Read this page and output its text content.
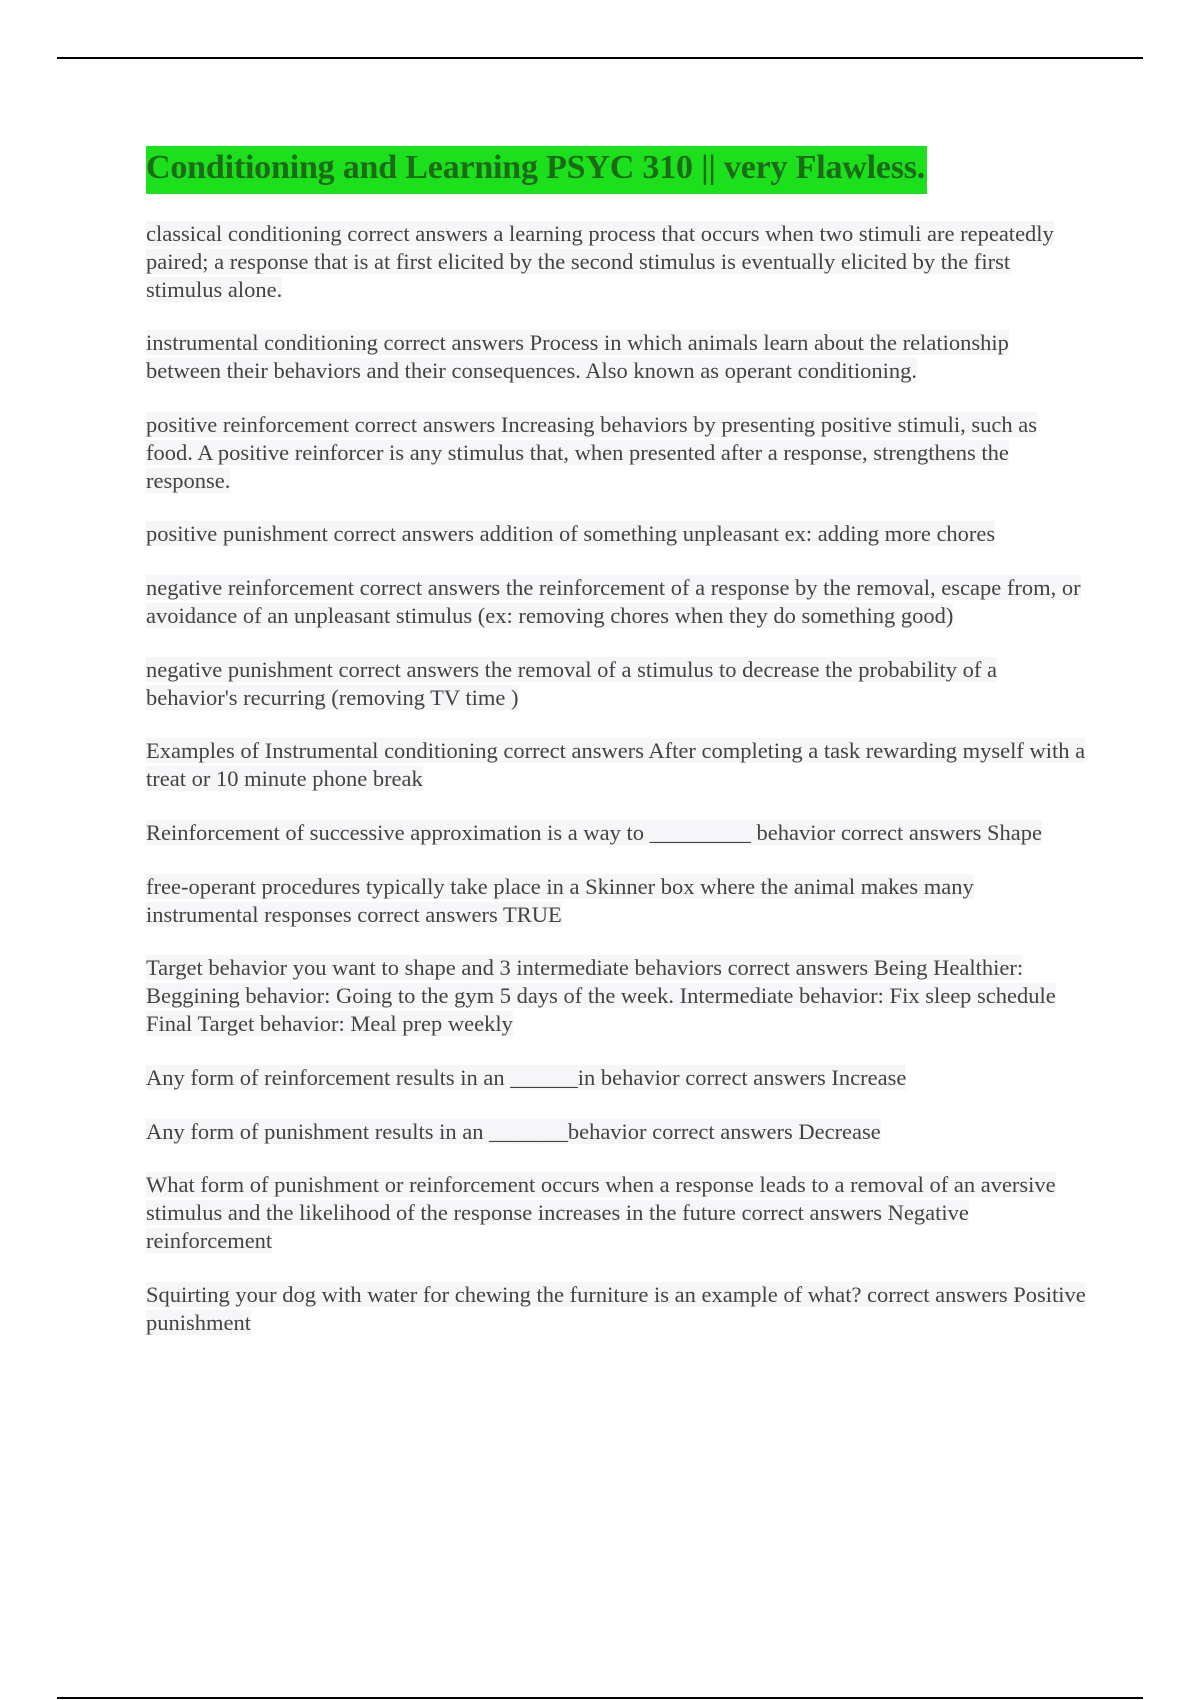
Conditioning and Learning PSYC 310 || very Flawless.

classical conditioning correct answers a learning process that occurs when two stimuli are repeatedly paired; a response that is at first elicited by the second stimulus is eventually elicited by the first stimulus alone.

instrumental conditioning correct answers Process in which animals learn about the relationship between their behaviors and their consequences. Also known as operant conditioning.

positive reinforcement correct answers Increasing behaviors by presenting positive stimuli, such as food. A positive reinforcer is any stimulus that, when presented after a response, strengthens the response.

positive punishment correct answers addition of something unpleasant ex: adding more chores

negative reinforcement correct answers the reinforcement of a response by the removal, escape from, or avoidance of an unpleasant stimulus (ex: removing chores when they do something good)

negative punishment correct answers the removal of a stimulus to decrease the probability of a behavior's recurring (removing TV time )

Examples of Instrumental conditioning correct answers After completing a task rewarding myself with a treat or 10 minute phone break

Reinforcement of successive approximation is a way to _________ behavior correct answers Shape

free-operant procedures typically take place in a Skinner box where the animal makes many instrumental responses correct answers TRUE

Target behavior you want to shape and 3 intermediate behaviors correct answers Being Healthier: Beggining behavior: Going to the gym 5 days of the week. Intermediate behavior: Fix sleep schedule Final Target behavior: Meal prep weekly

Any form of reinforcement results in an ______in behavior correct answers Increase

Any form of punishment results in an _______behavior correct answers Decrease

What form of punishment or reinforcement occurs when a response leads to a removal of an aversive stimulus and the likelihood of the response increases in the future correct answers Negative reinforcement

Squirting your dog with water for chewing the furniture is an example of what? correct answers Positive punishment
